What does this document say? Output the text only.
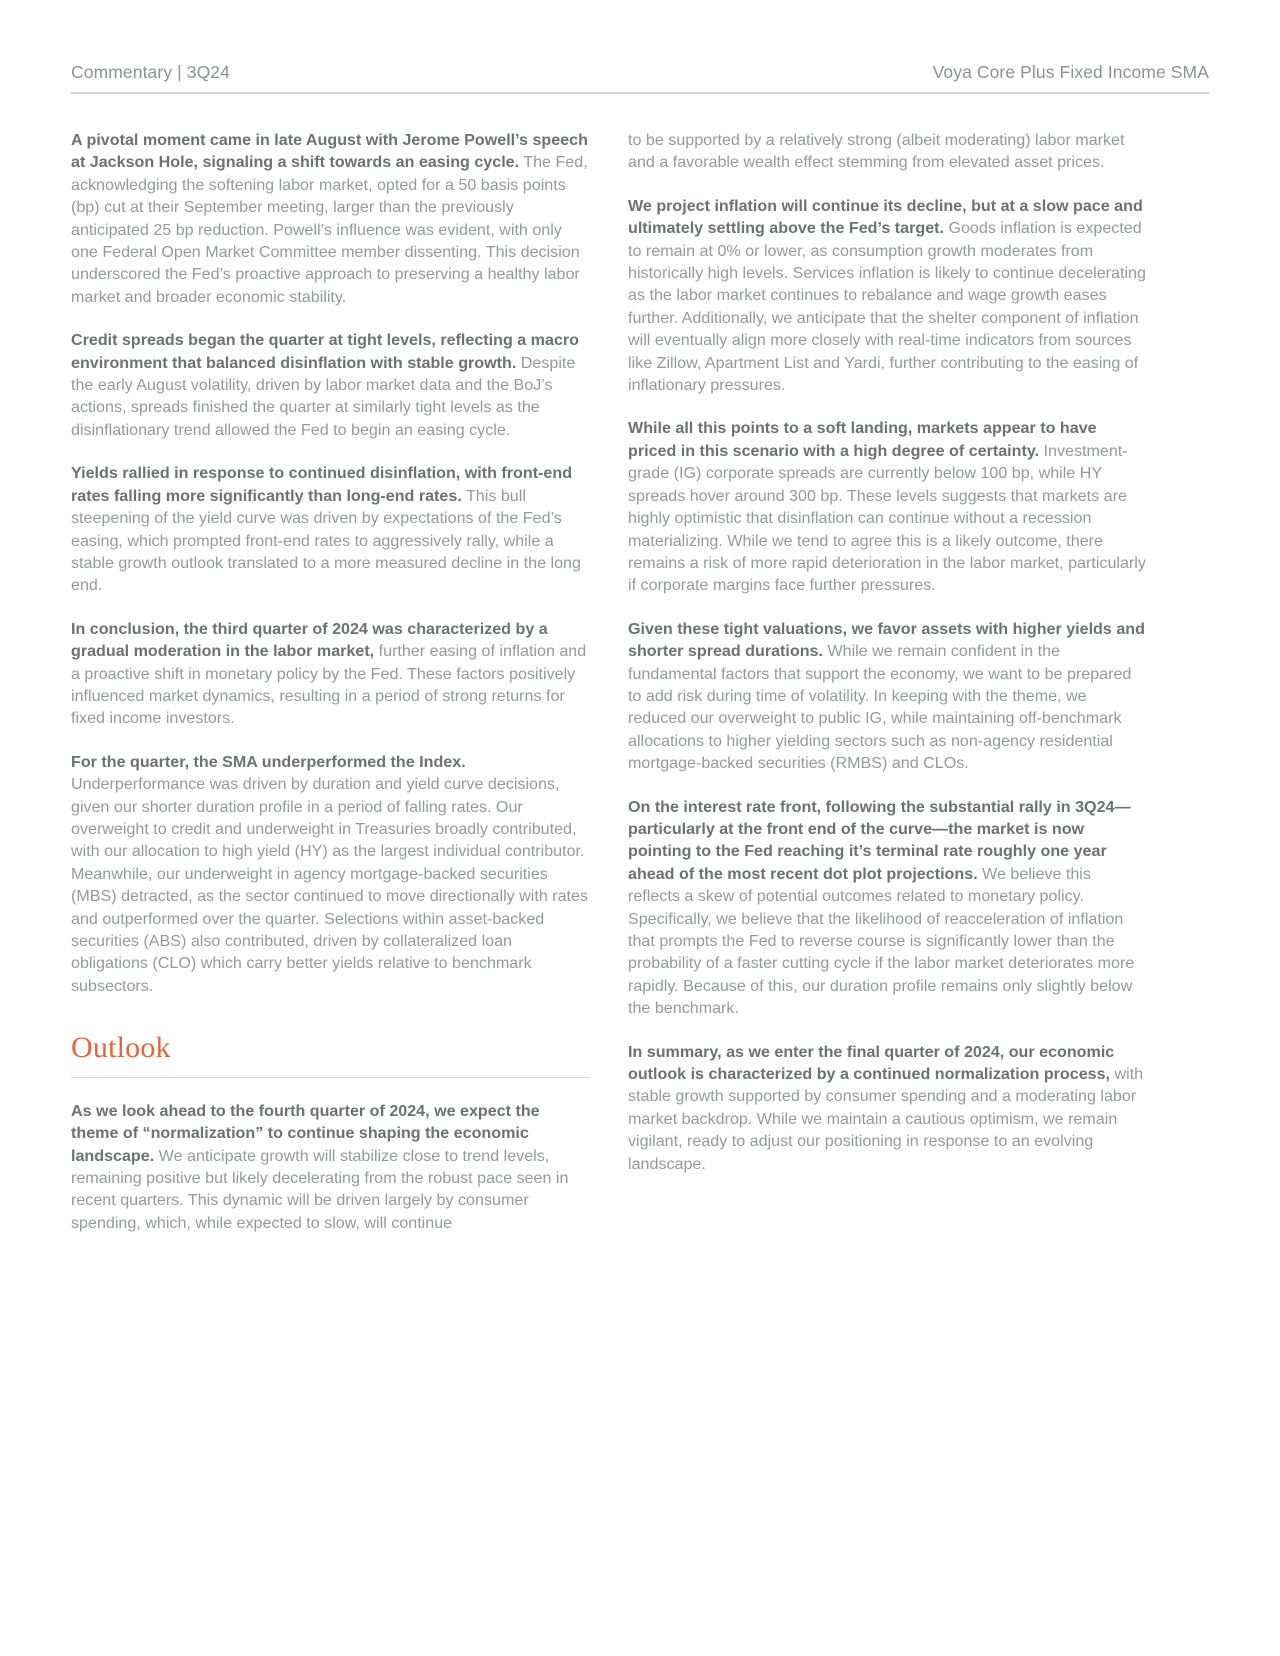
Commentary | 3Q24	Voya Core Plus Fixed Income SMA

A pivotal moment came in late August with Jerome Powell’s speech at Jackson Hole, signaling a shift towards an easing cycle. The Fed, acknowledging the softening labor market, opted for a 50 basis points (bp) cut at their September meeting, larger than the previously anticipated 25 bp reduction. Powell’s influence was evident, with only one Federal Open Market Committee member dissenting. This decision underscored the Fed’s proactive approach to preserving a healthy labor market and broader economic stability.

Credit spreads began the quarter at tight levels, reflecting a macro environment that balanced disinflation with stable growth. Despite the early August volatility, driven by labor market data and the BoJ’s actions, spreads finished the quarter at similarly tight levels as the disinflationary trend allowed the Fed to begin an easing cycle.

Yields rallied in response to continued disinflation, with front-end rates falling more significantly than long-end rates. This bull steepening of the yield curve was driven by expectations of the Fed’s easing, which prompted front-end rates to aggressively rally, while a stable growth outlook translated to a more measured decline in the long end.

In conclusion, the third quarter of 2024 was characterized by a gradual moderation in the labor market, further easing of inflation and a proactive shift in monetary policy by the Fed. These factors positively influenced market dynamics, resulting in a period of strong returns for fixed income investors.

For the quarter, the SMA underperformed the Index. Underperformance was driven by duration and yield curve decisions, given our shorter duration profile in a period of falling rates. Our overweight to credit and underweight in Treasuries broadly contributed, with our allocation to high yield (HY) as the largest individual contributor. Meanwhile, our underweight in agency mortgage-backed securities (MBS) detracted, as the sector continued to move directionally with rates and outperformed over the quarter. Selections within asset-backed securities (ABS) also contributed, driven by collateralized loan obligations (CLO) which carry better yields relative to benchmark subsectors.

Outlook

As we look ahead to the fourth quarter of 2024, we expect the theme of “normalization” to continue shaping the economic landscape. We anticipate growth will stabilize close to trend levels, remaining positive but likely decelerating from the robust pace seen in recent quarters. This dynamic will be driven largely by consumer spending, which, while expected to slow, will continue

to be supported by a relatively strong (albeit moderating) labor market and a favorable wealth effect stemming from elevated asset prices.

We project inflation will continue its decline, but at a slow pace and ultimately settling above the Fed’s target. Goods inflation is expected to remain at 0% or lower, as consumption growth moderates from historically high levels. Services inflation is likely to continue decelerating as the labor market continues to rebalance and wage growth eases further. Additionally, we anticipate that the shelter component of inflation will eventually align more closely with real-time indicators from sources like Zillow, Apartment List and Yardi, further contributing to the easing of inflationary pressures.

While all this points to a soft landing, markets appear to have priced in this scenario with a high degree of certainty. Investment-grade (IG) corporate spreads are currently below 100 bp, while HY spreads hover around 300 bp. These levels suggests that markets are highly optimistic that disinflation can continue without a recession materializing. While we tend to agree this is a likely outcome, there remains a risk of more rapid deterioration in the labor market, particularly if corporate margins face further pressures.

Given these tight valuations, we favor assets with higher yields and shorter spread durations. While we remain confident in the fundamental factors that support the economy, we want to be prepared to add risk during time of volatility. In keeping with the theme, we reduced our overweight to public IG, while maintaining off-benchmark allocations to higher yielding sectors such as non-agency residential mortgage-backed securities (RMBS) and CLOs.

On the interest rate front, following the substantial rally in 3Q24—particularly at the front end of the curve—the market is now pointing to the Fed reaching it’s terminal rate roughly one year ahead of the most recent dot plot projections. We believe this reflects a skew of potential outcomes related to monetary policy. Specifically, we believe that the likelihood of reacceleration of inflation that prompts the Fed to reverse course is significantly lower than the probability of a faster cutting cycle if the labor market deteriorates more rapidly. Because of this, our duration profile remains only slightly below the benchmark.

In summary, as we enter the final quarter of 2024, our economic outlook is characterized by a continued normalization process, with stable growth supported by consumer spending and a moderating labor market backdrop. While we maintain a cautious optimism, we remain vigilant, ready to adjust our positioning in response to an evolving landscape.
